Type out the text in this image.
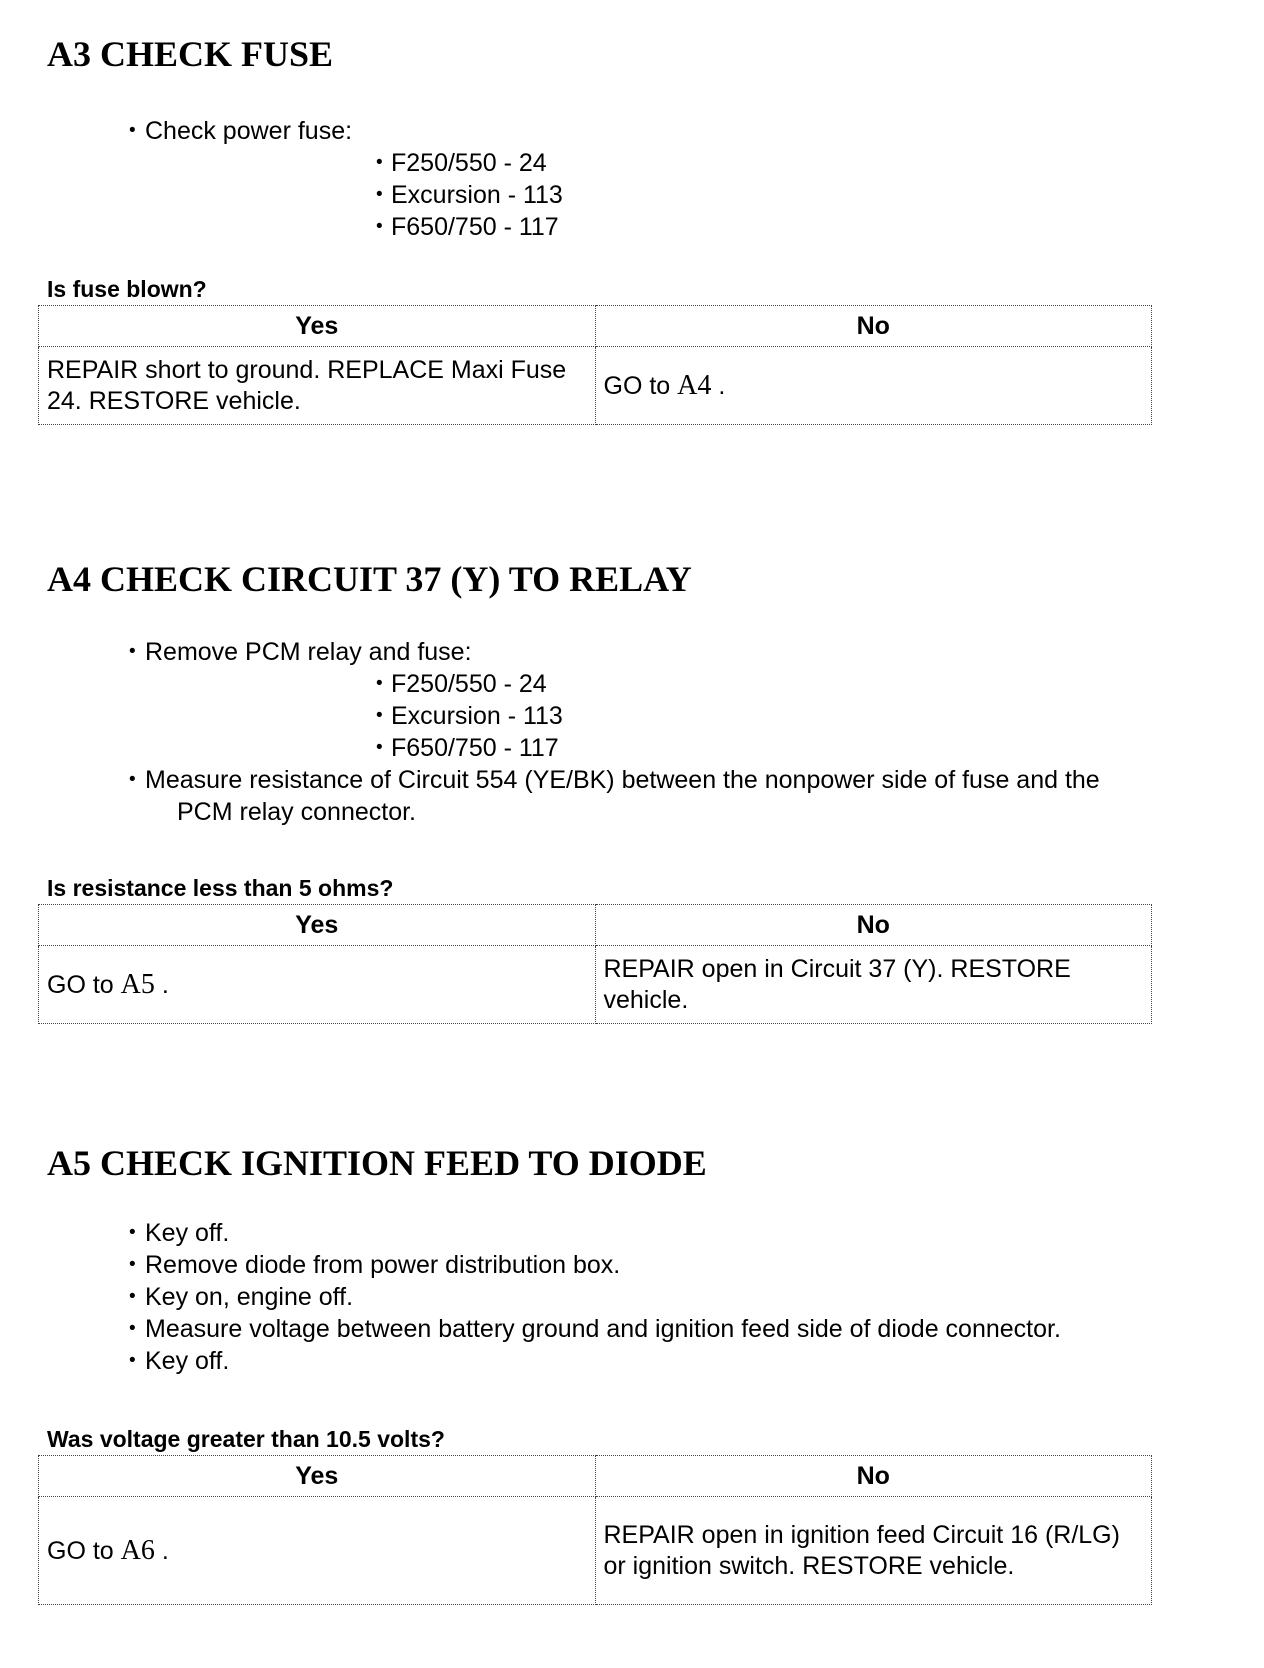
A3 CHECK FUSE
• Check power fuse:
• F250/550 - 24
• Excursion - 113
• F650/750 - 117

Is fuse blown?

Yes	No
REPAIR short to ground. REPLACE Maxi Fuse 24. RESTORE vehicle.	GO to A4 .
A4 CHECK CIRCUIT 37 (Y) TO RELAY
• Remove PCM relay and fuse:
• F250/550 - 24
• Excursion - 113
• F650/750 - 117
• Measure resistance of Circuit 554 (YE/BK) between the nonpower side of fuse and the
PCM relay connector.

Is resistance less than 5 ohms?

Yes	No
GO to A5 .	REPAIR open in Circuit 37 (Y). RESTORE vehicle.
A5 CHECK IGNITION FEED TO DIODE
• Key off.
• Remove diode from power distribution box.
• Key on, engine off.
• Measure voltage between battery ground and ignition feed side of diode connector.
• Key off.

Was voltage greater than 10.5 volts?

Yes	No
GO to A6 .	REPAIR open in ignition feed Circuit 16 (R/LG) or ignition switch. RESTORE vehicle.
